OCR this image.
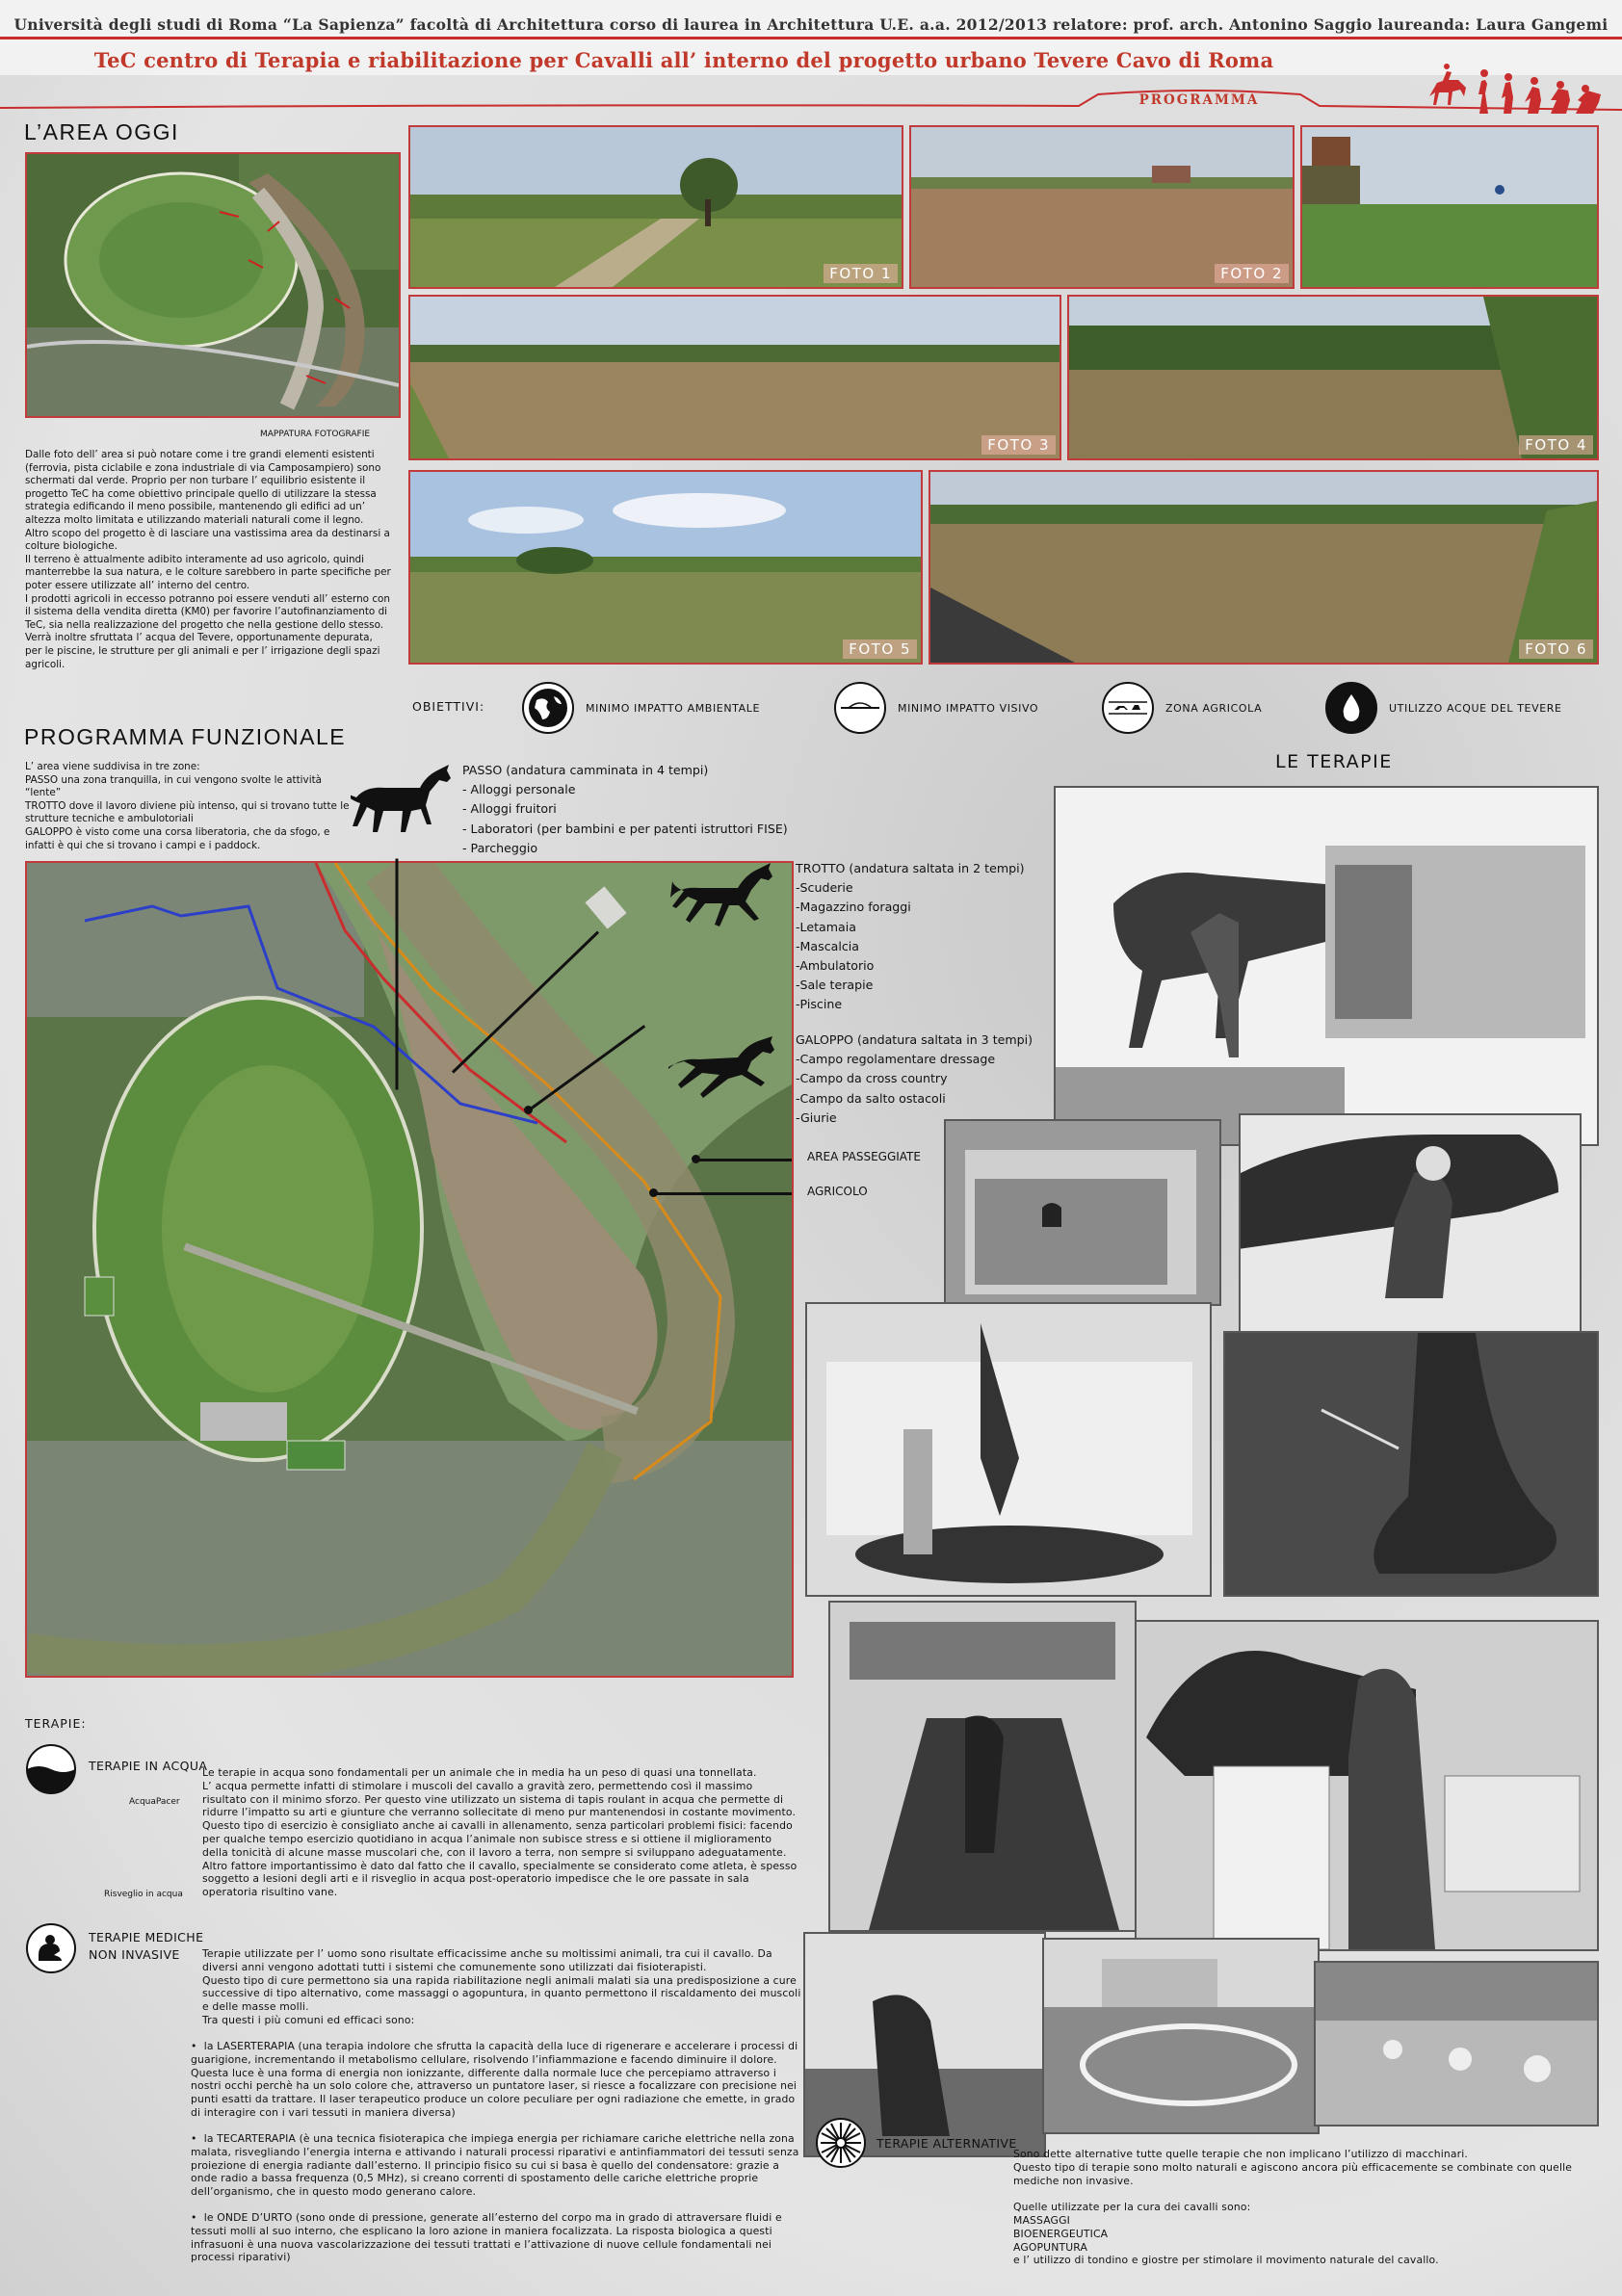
Università degli studi di Roma “La Sapienza” facoltà di Architettura corso di laurea in Architettura U.E. a.a. 2012/2013 relatore: prof. arch. Antonino Saggio laureanda: Laura Gangemi
TeC centro di Terapia e riabilitazione per Cavalli all’ interno del progetto urbano Tevere Cavo di Roma
PROGRAMMA
L’AREA OGGI
MAPPATURA FOTOGRAFIE
Dalle foto dell’ area si può notare come i tre grandi elementi esistenti (ferrovia, pista ciclabile e zona industriale di via Camposampiero) sono schermati dal verde. Proprio per non turbare l’ equilibrio esistente il progetto TeC ha come obiettivo principale quello di utilizzare la stessa strategia edificando il meno possibile, mantenendo gli edifici ad un’ altezza molto limitata e utilizzando materiali naturali come il legno.
Altro scopo del progetto è di lasciare una vastissima area da destinarsi a colture biologiche.
Il terreno è attualmente adibito interamente ad uso agricolo, quindi manterrebbe la sua natura, e le colture sarebbero in parte specifiche per poter essere utilizzate all’ interno del centro.
I prodotti agricoli in eccesso potranno poi essere venduti all’ esterno con il sistema della vendita diretta (KM0) per favorire l’autofinanziamento di TeC, sia nella realizzazione del progetto che nella gestione dello stesso.
Verrà inoltre sfruttata l’ acqua del Tevere, opportunamente depurata, per le piscine, le strutture per gli animali e per l’ irrigazione degli spazi agricoli.
FOTO 1	FOTO 2
FOTO 3	FOTO 4
FOTO 5	FOTO 6
OBIETTIVI:	MINIMO IMPATTO AMBIENTALE	MINIMO IMPATTO VISIVO	ZONA AGRICOLA	UTILIZZO ACQUE DEL TEVERE
PROGRAMMA FUNZIONALE
L’ area viene suddivisa in tre zone:
PASSO una zona tranquilla, in cui vengono svolte le attività “lente”
TROTTO dove il lavoro diviene più intenso, qui si trovano tutte le strutture tecniche e ambulotoriali
GALOPPO è visto come una corsa liberatoria, che da sfogo, e infatti è qui che si trovano i campi e i paddock.
PASSO (andatura camminata in 4 tempi)
- Alloggi personale
- Alloggi fruitori
- Laboratori (per bambini e per patenti istruttori FISE)
- Parcheggio
TROTTO (andatura saltata in 2 tempi)
-Scuderie
-Magazzino foraggi
-Letamaia
-Mascalcia
-Ambulatorio
-Sale terapie
-Piscine
GALOPPO (andatura saltata in 3 tempi)
-Campo regolamentare dressage
-Campo da cross country
-Campo da salto ostacoli
-Giurie
AREA PASSEGGIATE
AGRICOLO
LE TERAPIE
TERAPIE:
TERAPIE IN ACQUA
AcquaPacer
Risveglio in acqua
Le terapie in acqua sono fondamentali per un animale che in media ha un peso di quasi una tonnellata.
L’ acqua permette infatti di stimolare i muscoli del cavallo a gravità zero, permettendo così il massimo risultato con il minimo sforzo. Per questo vine utilizzato un sistema di tapis roulant in acqua che permette di ridurre l’impatto su arti e giunture che verranno sollecitate di meno pur mantenendosi in costante movimento. Questo tipo di esercizio è consigliato anche ai cavalli in allenamento, senza particolari problemi fisici: facendo per qualche tempo esercizio quotidiano in acqua l’animale non subisce stress e si ottiene il miglioramento della tonicità di alcune masse muscolari che, con il lavoro a terra, non sempre si sviluppano adeguatamente.
Altro fattore importantissimo è dato dal fatto che il cavallo, specialmente se considerato come atleta, è spesso soggetto a lesioni degli arti e il risveglio in acqua post-operatorio impedisce che le ore passate in sala operatoria risultino vane.
TERAPIE MEDICHE
NON INVASIVE Terapie utilizzate per l’ uomo sono risultate efficacissime anche su moltissimi animali, tra cui il cavallo. Da diversi anni vengono adottati tutti i sistemi che comunemente sono utilizzati dai fisioterapisti.
Questo tipo di cure permettono sia una rapida riabilitazione negli animali malati sia una predisposizione a cure successive di tipo alternativo, come massaggi o agopuntura, in quanto permettono il riscaldamento dei muscoli e delle masse molli.
Tra questi i più comuni ed efficaci sono:
•  la LASERTERAPIA (una terapia indolore che sfrutta la capacità della luce di rigenerare e accelerare i processi di guarigione, incrementando il metabolismo cellulare, risolvendo l’infiammazione e facendo diminuire il dolore. Questa luce è una forma di energia non ionizzante, differente dalla normale luce che percepiamo attraverso i nostri occhi perchè ha un solo colore che, attraverso un puntatore laser, si riesce a focalizzare con precisione nei punti esatti da trattare. Il laser terapeutico produce un colore peculiare per ogni radiazione che emette, in grado di interagire con i vari tessuti in maniera diversa)
•  la TECARTERAPIA (è una tecnica fisioterapica che impiega energia per richiamare cariche elettriche nella zona malata, risvegliando l’energia interna e attivando i naturali processi riparativi e antinfiammatori dei tessuti senza proiezione di energia radiante dall’esterno. Il principio fisico su cui si basa è quello del condensatore: grazie a onde radio a bassa frequenza (0,5 MHz), si creano correnti di spostamento delle cariche elettriche proprie dell’organismo, che in questo modo generano calore.
•  le ONDE D’URTO (sono onde di pressione, generate all’esterno del corpo ma in grado di attraversare fluidi e tessuti molli al suo interno, che esplicano la loro azione in maniera focalizzata. La risposta biologica a questi infrasuoni è una nuova vascolarizzazione dei tessuti trattati e l’attivazione di nuove cellule fondamentali nei processi riparativi)
TERAPIE ALTERNATIVE
Sono dette alternative tutte quelle terapie che non implicano l’utilizzo di macchinari.
Questo tipo di terapie sono molto naturali e agiscono ancora più efficacemente se combinate con quelle mediche non invasive.

Quelle utilizzate per la cura dei cavalli sono:
MASSAGGI
BIOENERGEUTICA
AGOPUNTURA
e l’ utilizzo di tondino e giostre per stimolare il movimento naturale del cavallo.
